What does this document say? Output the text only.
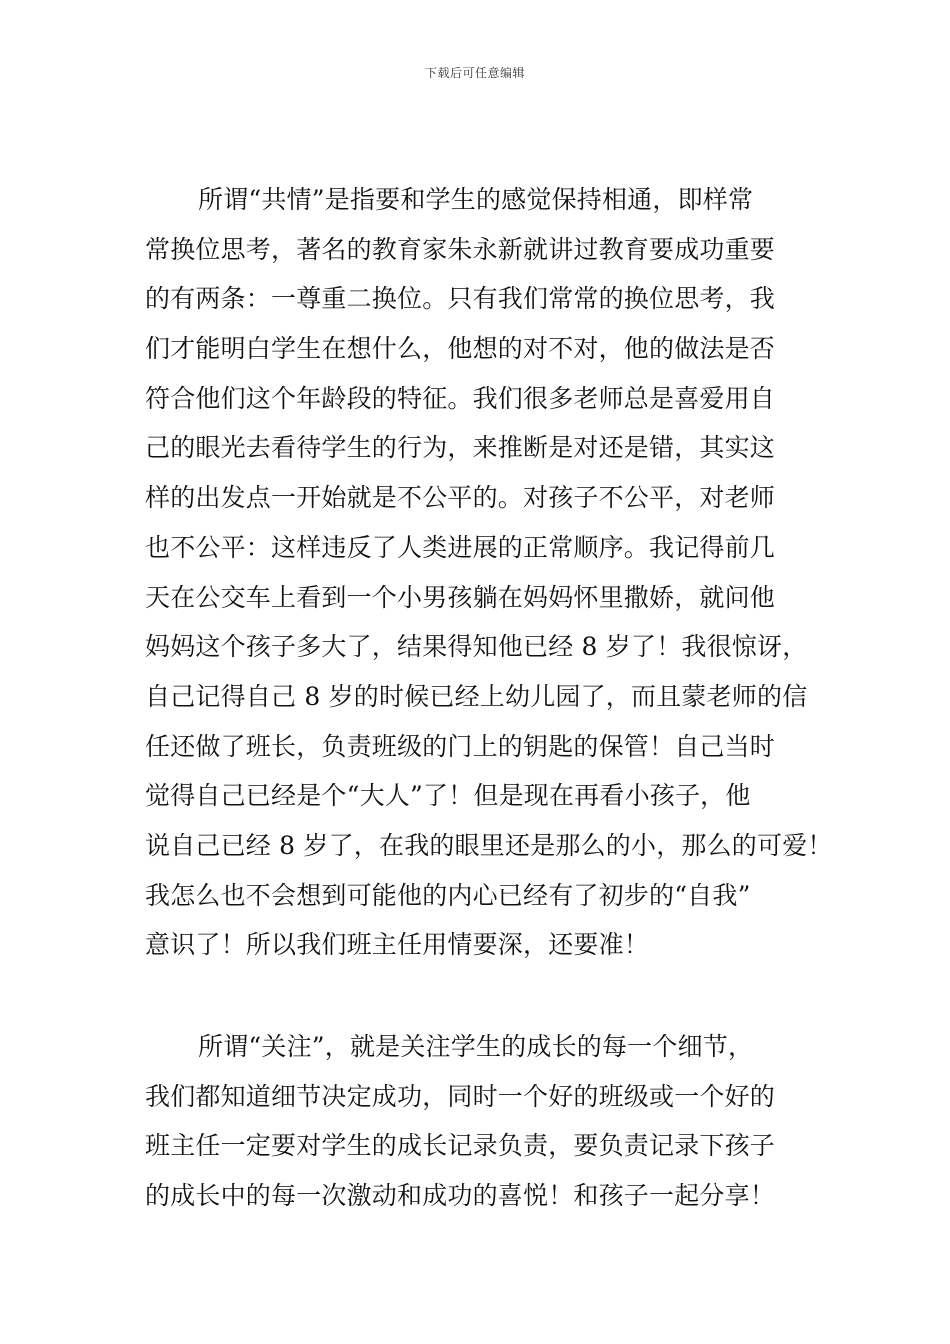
下载后可任意编辑
所谓“共情”是指要和学生的感觉保持相通，即样常
常换位思考，著名的教育家朱永新就讲过教育要成功重要
的有两条：一尊重二换位。只有我们常常的换位思考，我
们才能明白学生在想什么，他想的对不对，他的做法是否
符合他们这个年龄段的特征。我们很多老师总是喜爱用自
己的眼光去看待学生的行为，来推断是对还是错，其实这
样的出发点一开始就是不公平的。对孩子不公平，对老师
也不公平：这样违反了人类进展的正常顺序。我记得前几
天在公交车上看到一个小男孩躺在妈妈怀里撒娇，就问他
妈妈这个孩子多大了，结果得知他已经 8 岁了！我很惊讶，
自己记得自己 8 岁的时候已经上幼儿园了，而且蒙老师的信
任还做了班长，负责班级的门上的钥匙的保管！自己当时
觉得自己已经是个“大人”了！但是现在再看小孩子，他
说自己已经 8 岁了，在我的眼里还是那么的小，那么的可爱！
我怎么也不会想到可能他的内心已经有了初步的“自我”
意识了！所以我们班主任用情要深，还要准！
所谓“关注”，就是关注学生的成长的每一个细节，
我们都知道细节决定成功，同时一个好的班级或一个好的
班主任一定要对学生的成长记录负责，要负责记录下孩子
的成长中的每一次激动和成功的喜悦！和孩子一起分享！
